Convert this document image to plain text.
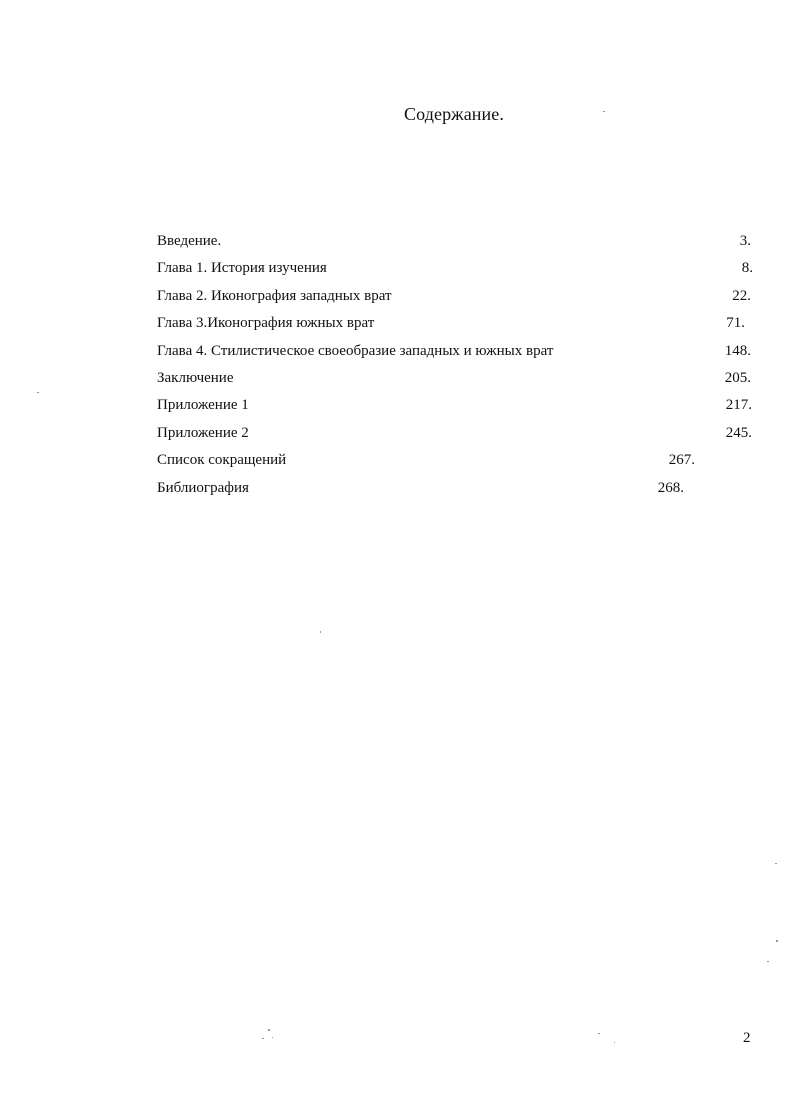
Содержание.
Введение.	3.
Глава 1. История изучения	8.
Глава 2. Иконография западных врат	22.
Глава 3.Иконография южных врат	71.
Глава 4. Стилистическое своеобразие западных и южных врат	148.
Заключение	205.
Приложение 1	217.
Приложение 2	245.
Список сокращений	267.
Библиография	268.
2
